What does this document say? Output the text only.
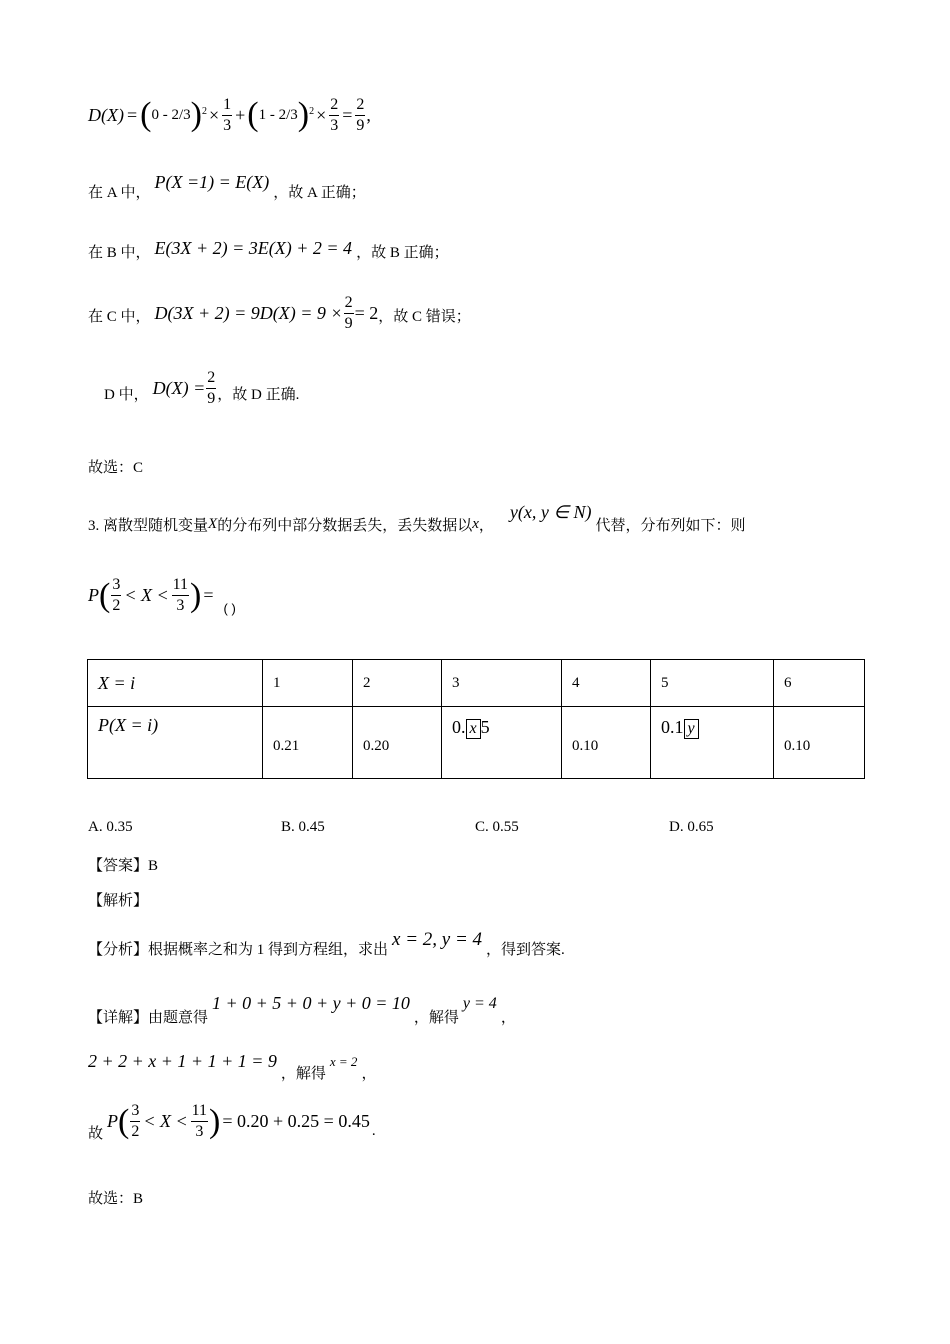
D(X) = ( 0 - 2/3 ) $2 \times \frac{1}{3}$ + ( 1 - 2/3 ) $2 \times \frac{2}{3} = \frac{2}{9}$ ,
在 A 中，
P(X =1) = E(X)
，故 A 正确；
在 B 中， E(3X + 2) = 3E(X) + 2 = 4 ，故 B 正确；
在 C 中， $D(3X + 2) = 9D(X) = 9 \times \frac{2}{9} = 2$ ，故 C 错误；
D 中， $D(X) = \frac{2}{9}$ ，故 D 正确.
故选：C
3. 离散型随机变量 X 的分布列中部分数据丢失，丢失数据以 x ，
y(x, y ∈ N)
代替，分布列如下：则
P ( $\frac{3}{2} < X < \frac{11}{3}$ ) =
( )
X = i	1	2	3	4	5	6
P(X = i)	0.21	0.20	0. x 5	0.10	0.1 y	0.10
A. 0.35	B. 0.45	C. 0.55	D. 0.65
【答案】B
【解析】
【分析】根据概率之和为 1 得到方程组，求出
x = 2, y = 4
，得到答案.
【详解】由题意得
1 + 0 + 5 + 0 + y + 0 = 10
，解得
y = 4
，
2 + 2 + x + 1 + 1 + 1 = 9
，解得
x = 2
，
故
P ( $\frac{3}{2} < X < \frac{11}{3}$ ) = 0.20 + 0.25 = 0.45 .
故选：B
